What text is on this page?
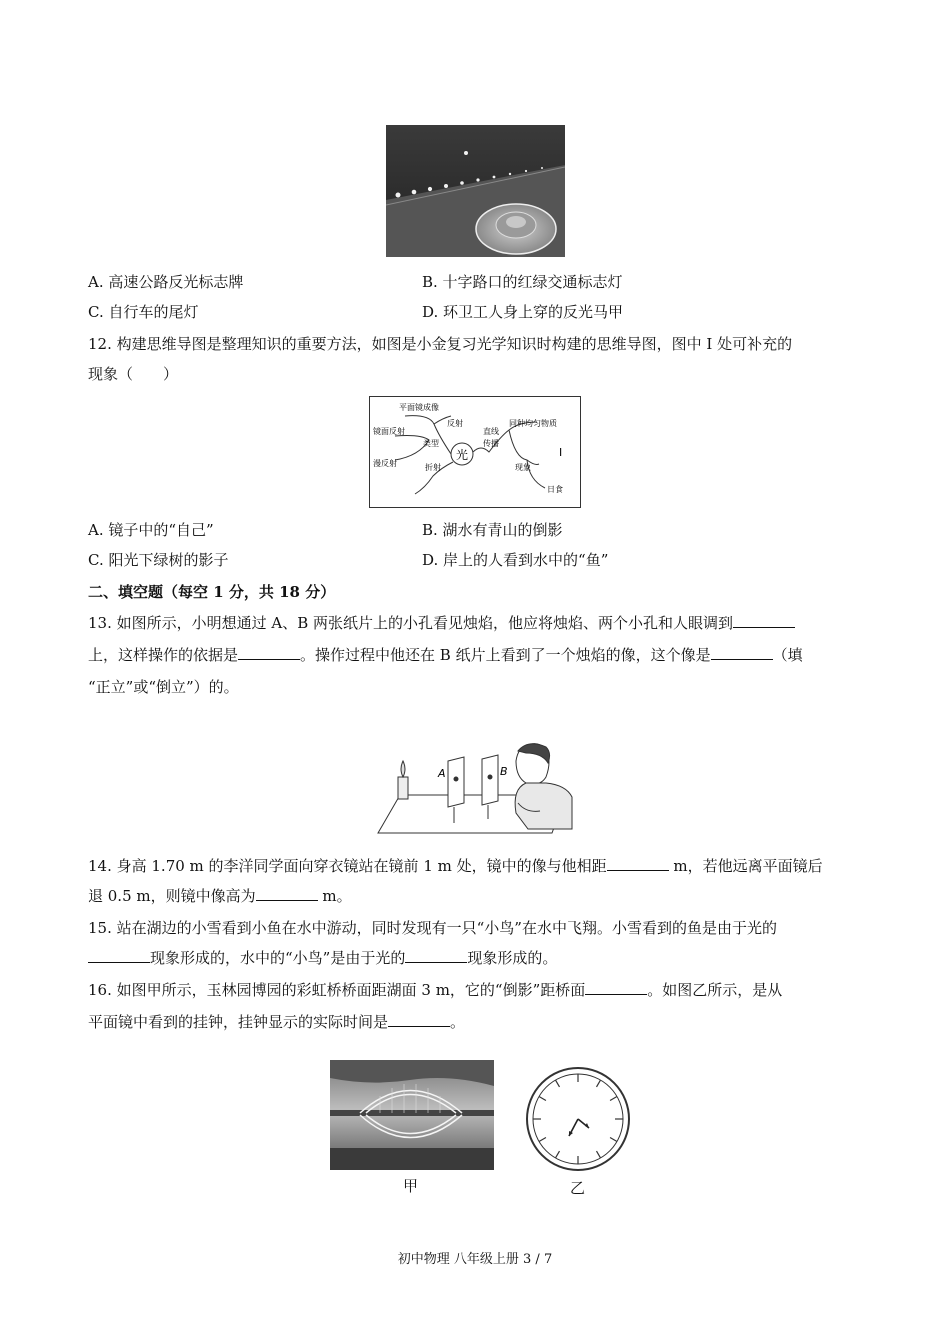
A. 高速公路反光标志牌	B. 十字路口的红绿交通标志灯
C. 自行车的尾灯	D. 环卫工人身上穿的反光马甲
12. 构建思维导图是整理知识的重要方法，如图是小金复习光学知识时构建的思维导图，图中 I 处可补充的
现象（　　）
光
平面镜成像
反射
镜面反射
类型
漫反射	折射
直线
传播
同种均匀物质
现象
I
日食
A. 镜子中的“自己”	B. 湖水有青山的倒影
C. 阳光下绿树的影子	D. 岸上的人看到水中的“鱼”
二、填空题（每空 1 分，共 18 分）
13. 如图所示，小明想通过 A、B 两张纸片上的小孔看见烛焰，他应将烛焰、两个小孔和人眼调到
上，这样操作的依据是	。操作过程中他还在 B 纸片上看到了一个烛焰的像，这个像是	（填
“正立”或“倒立”）的。
A	B
14. 身高 1.70 m 的李洋同学面向穿衣镜站在镜前 1 m 处，镜中的像与他相距	m，若他远离平面镜后
退 0.5 m，则镜中像高为	m。
15. 站在湖边的小雪看到小鱼在水中游动，同时发现有一只“小鸟”在水中飞翔。小雪看到的鱼是由于光的
现象形成的，水中的“小鸟”是由于光的	现象形成的。
16. 如图甲所示，玉林园博园的彩虹桥桥面距湖面 3 m，它的“倒影”距桥面	。如图乙所示，是从
平面镜中看到的挂钟，挂钟显示的实际时间是	。
甲	乙
初中物理 八年级上册 3 / 7
